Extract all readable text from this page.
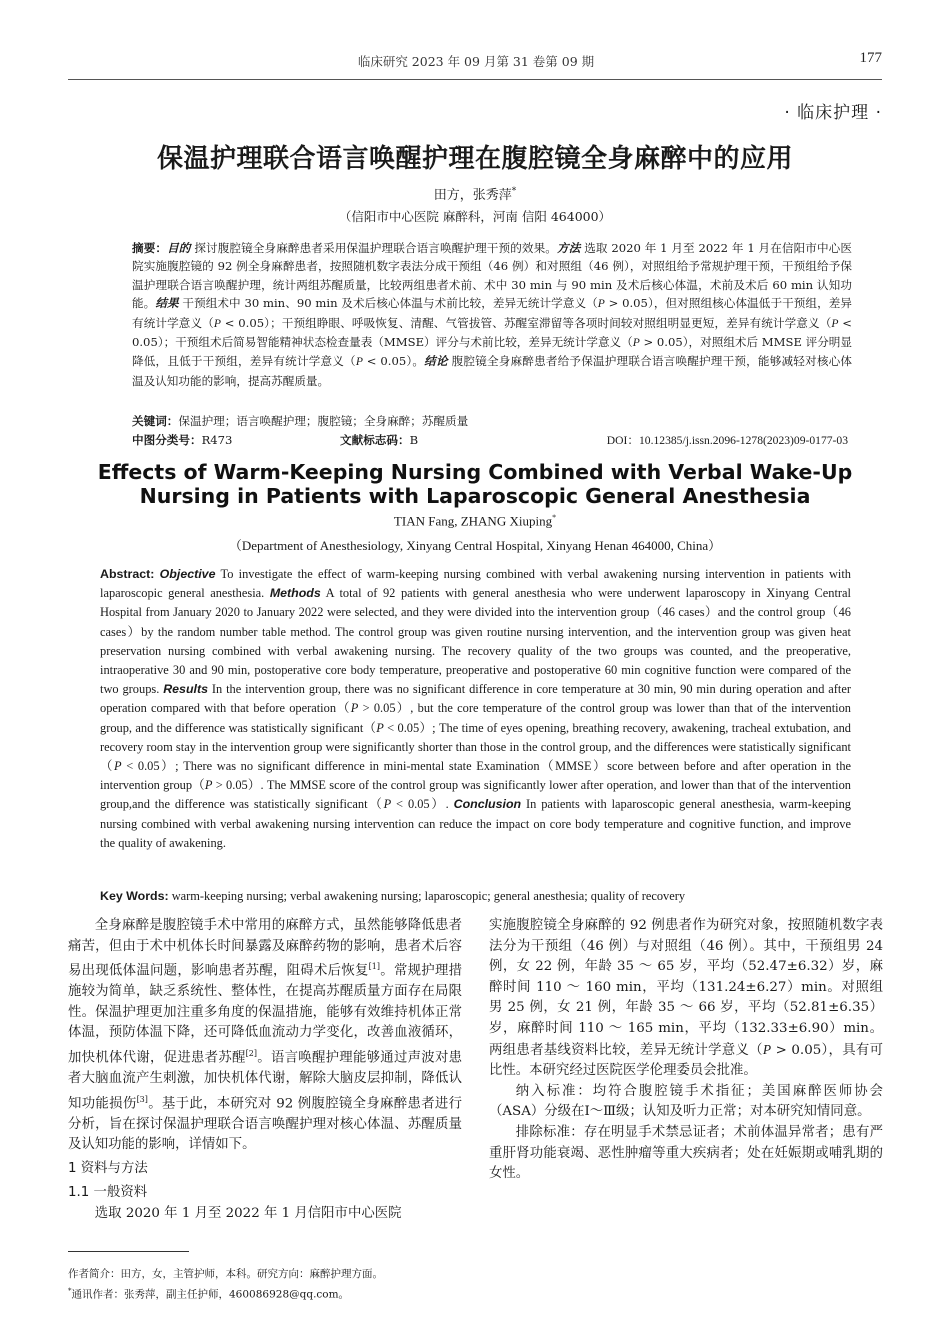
临床研究 2023 年 09 月第 31 卷第 09 期	177
· 临床护理 ·
保温护理联合语言唤醒护理在腹腔镜全身麻醉中的应用
田方，张秀萍*
（信阳市中心医院 麻醉科，河南 信阳 464000）
摘要：目的 探讨腹腔镜全身麻醉患者采用保温护理联合语言唤醒护理干预的效果。方法 选取 2020 年 1 月至 2022 年 1 月在信阳市中心医院实施腹腔镜的 92 例全身麻醉患者，按照随机数字表法分成干预组（46 例）和对照组（46 例），对照组给予常规护理干预，干预组给予保温护理联合语言唤醒护理，统计两组苏醒质量，比较两组患者术前、术中 30 min 与 90 min 及术后核心体温，术前及术后 60 min 认知功能。结果 干预组术中 30 min、90 min 及术后核心体温与术前比较，差异无统计学意义（P > 0.05），但对照组核心体温低于干预组，差异有统计学意义（P < 0.05）；干预组睁眼、呼吸恢复、清醒、气管拔管、苏醒室滞留等各项时间较对照组明显更短，差异有统计学意义（P < 0.05）；干预组术后简易智能精神状态检查量表（MMSE）评分与术前比较，差异无统计学意义（P > 0.05），对照组术后 MMSE 评分明显降低，且低于干预组，差异有统计学意义（P < 0.05）。结论 腹腔镜全身麻醉患者给予保温护理联合语言唤醒护理干预，能够减轻对核心体温及认知功能的影响，提高苏醒质量。
关键词：保温护理；语言唤醒护理；腹腔镜；全身麻醉；苏醒质量
中图分类号：R473	文献标志码：B	DOI：10.12385/j.issn.2096-1278(2023)09-0177-03
Effects of Warm-Keeping Nursing Combined with Verbal Wake-Up
Nursing in Patients with Laparoscopic General Anesthesia
TIAN Fang, ZHANG Xiuping*
（Department of Anesthesiology, Xinyang Central Hospital, Xinyang Henan 464000, China）
Abstract: Objective To investigate the effect of warm-keeping nursing combined with verbal awakening nursing intervention in patients with laparoscopic general anesthesia. Methods A total of 92 patients with general anesthesia who were underwent laparoscopy in Xinyang Central Hospital from January 2020 to January 2022 were selected, and they were divided into the intervention group（46 cases）and the control group（46 cases）by the random number table method. The control group was given routine nursing intervention, and the intervention group was given heat preservation nursing combined with verbal awakening nursing. The recovery quality of the two groups was counted, and the preoperative, intraoperative 30 and 90 min, postoperative core body temperature, preoperative and postoperative 60 min cognitive function were compared of the two groups. Results In the intervention group, there was no significant difference in core temperature at 30 min, 90 min during operation and after operation compared with that before operation（P > 0.05）, but the core temperature of the control group was lower than that of the intervention group, and the difference was statistically significant（P < 0.05）; The time of eyes opening, breathing recovery, awakening, tracheal extubation, and recovery room stay in the intervention group were significantly shorter than those in the control group, and the differences were statistically significant（P < 0.05）; There was no significant difference in mini-mental state Examination（MMSE）score between before and after operation in the intervention group（P > 0.05）. The MMSE score of the control group was significantly lower after operation, and lower than that of the intervention group,and the difference was statistically significant（P < 0.05）. Conclusion In patients with laparoscopic general anesthesia, warm-keeping nursing combined with verbal awakening nursing intervention can reduce the impact on core body temperature and cognitive function, and improve the quality of awakening.
Key Words: warm-keeping nursing; verbal awakening nursing; laparoscopic; general anesthesia; quality of recovery

全身麻醉是腹腔镜手术中常用的麻醉方式，虽然能够降低患者痛苦，但由于术中机体长时间暴露及麻醉药物的影响，患者术后容易出现低体温问题，影响患者苏醒，阻碍术后恢复[1]。常规护理措施较为简单，缺乏系统性、整体性，在提高苏醒质量方面存在局限性。保温护理更加注重多角度的保温措施，能够有效维持机体正常体温，预防体温下降，还可降低血流动力学变化，改善血液循环，加快机体代谢，促进患者苏醒[2]。语言唤醒护理能够通过声波对患者大脑血流产生刺激，加快机体代谢，解除大脑皮层抑制，降低认知功能损伤[3]。基于此，本研究对 92 例腹腔镜全身麻醉患者进行分析，旨在探讨保温护理联合语言唤醒护理对核心体温、苏醒质量及认知功能的影响，详情如下。

1 资料与方法
1.1 一般资料

选取 2020 年 1 月至 2022 年 1 月信阳市中心医院

实施腹腔镜全身麻醉的 92 例患者作为研究对象，按照随机数字表法分为干预组（46 例）与对照组（46 例）。其中，干预组男 24 例，女 22 例，年龄 35 ～ 65 岁，平均（52.47±6.32）岁，麻醉时间 110 ～ 160 min，平均（131.24±6.27）min。对照组男 25 例，女 21 例，年龄 35 ～ 66 岁，平均（52.81±6.35）岁，麻醉时间 110 ～ 165 min，平均（132.33±6.90）min。两组患者基线资料比较，差异无统计学意义（P > 0.05），具有可比性。本研究经过医院医学伦理委员会批准。

纳入标准：均符合腹腔镜手术指征；美国麻醉医师协会（ASA）分级在Ⅰ～Ⅲ级；认知及听力正常；对本研究知情同意。

排除标准：存在明显手术禁忌证者；术前体温异常者；患有严重肝肾功能衰竭、恶性肿瘤等重大疾病者；处在妊娠期或哺乳期的女性。

作者简介：田方，女，主管护师，本科。研究方向：麻醉护理方面。
*通讯作者：张秀萍，副主任护师，460086928@qq.com。
